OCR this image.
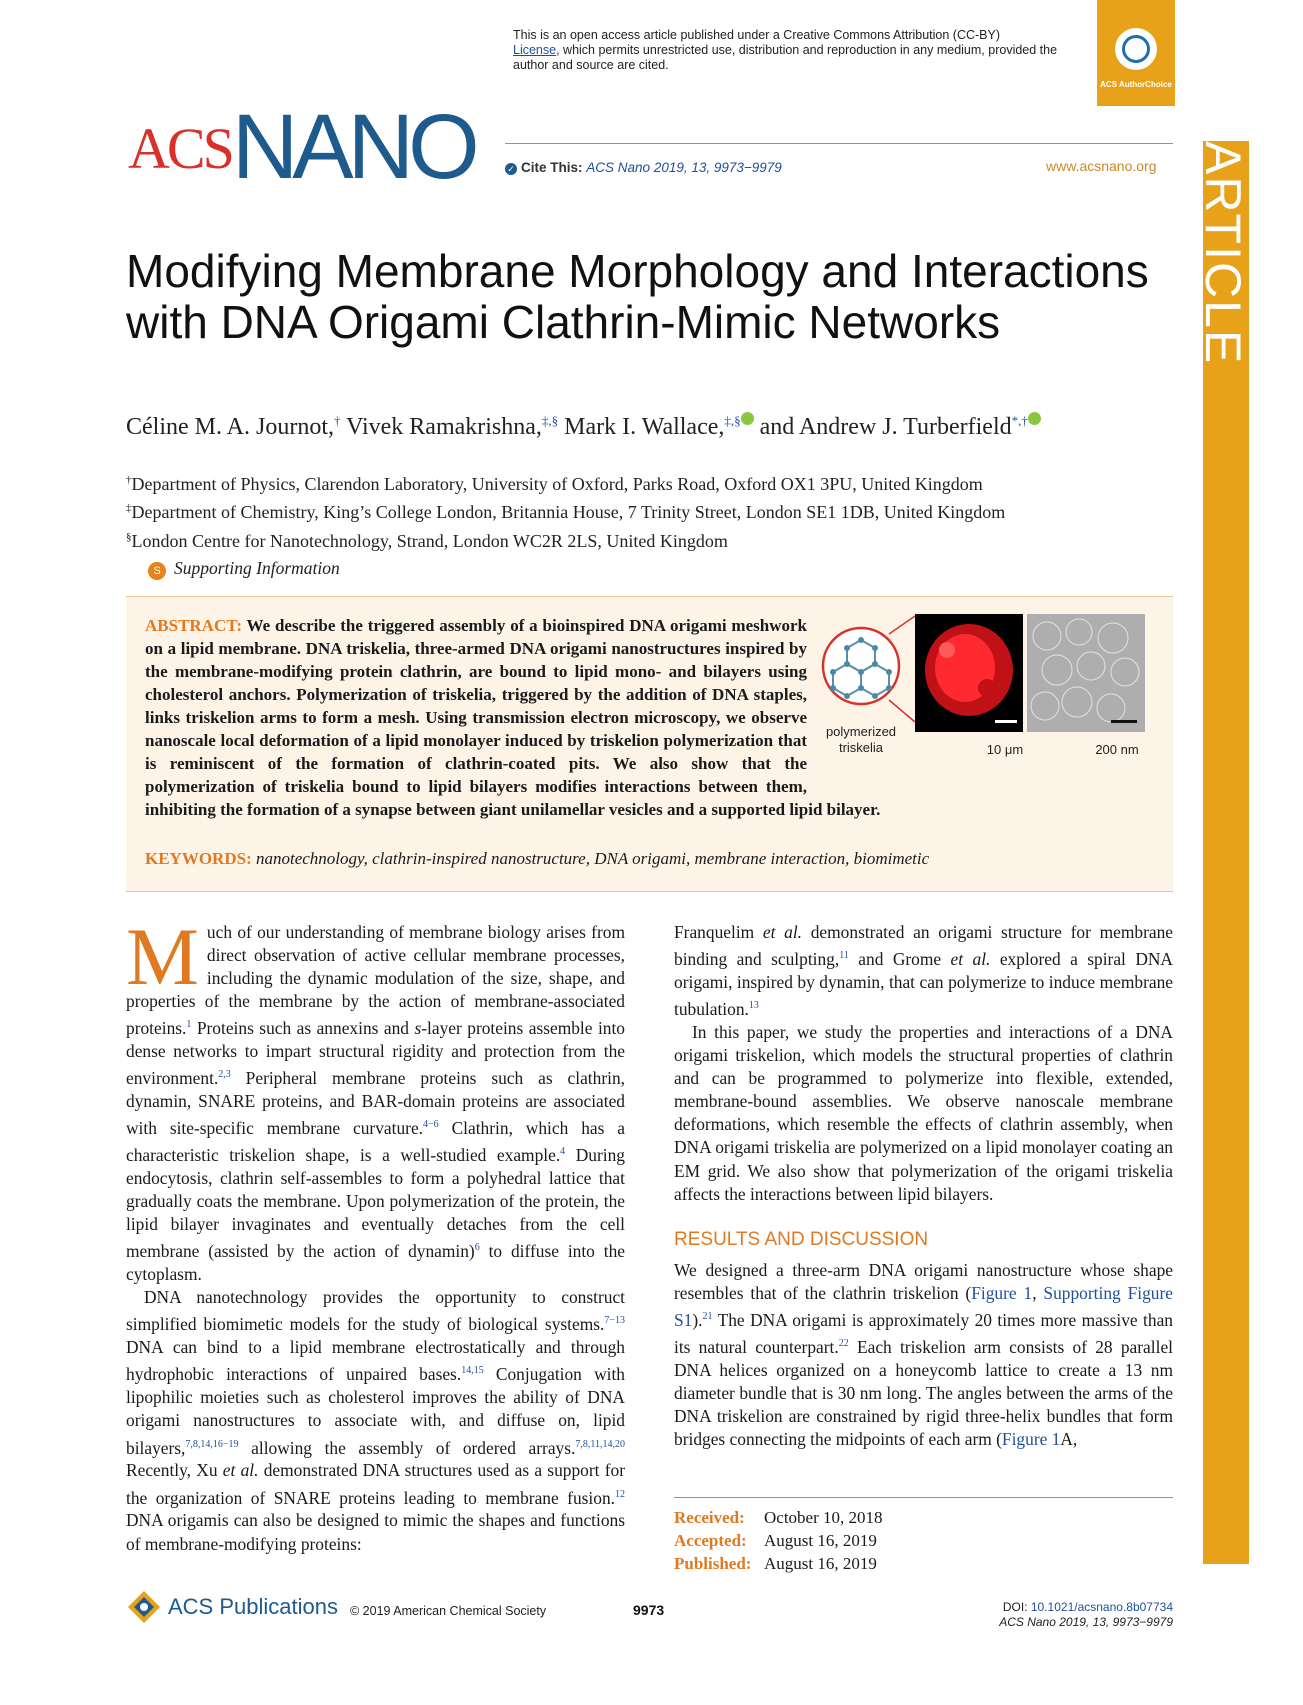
This is an open access article published under a Creative Commons Attribution (CC-BY)
License, which permits unrestricted use, distribution and reproduction in any medium, provided the author and source are cited.
ACS AuthorChoice
ACSNANO	✓ Cite This: ACS Nano 2019, 13, 9973−9979	www.acsnano.org ARTICLE
Modifying Membrane Morphology and Interactions with DNA Origami Clathrin-Mimic Networks
Céline M. A. Journot,† Vivek Ramakrishna,‡,§ Mark I. Wallace,‡,§ and Andrew J. Turberfield*,†
†Department of Physics, Clarendon Laboratory, University of Oxford, Parks Road, Oxford OX1 3PU, United Kingdom
‡Department of Chemistry, King’s College London, Britannia House, 7 Trinity Street, London SE1 1DB, United Kingdom
§London Centre for Nanotechnology, Strand, London WC2R 2LS, United Kingdom
S Supporting Information
polymerized
triskelia	10 μm	200 nm
ABSTRACT: We describe the triggered assembly of a bioinspired DNA origami meshwork on a lipid membrane. DNA triskelia, three-armed DNA origami nanostructures inspired by the membrane-modifying protein clathrin, are bound to lipid mono- and bilayers using cholesterol anchors. Polymerization of triskelia, triggered by the addition of DNA staples, links triskelion arms to form a mesh. Using transmission electron microscopy, we observe nanoscale local deformation of a lipid monolayer induced by triskelion polymerization that is reminiscent of the formation of clathrin-coated pits. We also show that the polymerization of triskelia bound to lipid bilayers modifies interactions between them, inhibiting the formation of a synapse between giant unilamellar vesicles and a supported lipid bilayer.
KEYWORDS: nanotechnology, clathrin-inspired nanostructure, DNA origami, membrane interaction, biomimetic

Much of our understanding of membrane biology arises from direct observation of active cellular membrane processes, including the dynamic modulation of the size, shape, and properties of the membrane by the action of membrane-associated proteins.$^1$ Proteins such as annexins and s-layer proteins assemble into dense networks to impart structural rigidity and protection from the environment.$^{2,3}$ Peripheral membrane proteins such as clathrin, dynamin, SNARE proteins, and BAR-domain proteins are associated with site-specific membrane curvature.$^{4-6}$ Clathrin, which has a characteristic triskelion shape, is a well-studied example.$^4$ During endocytosis, clathrin self-assembles to form a polyhedral lattice that gradually coats the membrane. Upon polymerization of the protein, the lipid bilayer invaginates and eventually detaches from the cell membrane (assisted by the action of dynamin)$^6$ to diffuse into the cytoplasm.

DNA nanotechnology provides the opportunity to construct simplified biomimetic models for the study of biological systems.$^{7-13}$ DNA can bind to a lipid membrane electrostatically and through hydrophobic interactions of unpaired bases.$^{14,15}$ Conjugation with lipophilic moieties such as cholesterol improves the ability of DNA origami nanostructures to associate with, and diffuse on, lipid bilayers,$^{7,8,14,16-19}$ allowing the assembly of ordered arrays.$^{7,8,11,14,20}$ Recently, Xu et al. demonstrated DNA structures used as a support for the organization of SNARE proteins leading to membrane fusion.$^{12}$ DNA origamis can also be designed to mimic the shapes and functions of membrane-modifying proteins:

Franquelim et al. demonstrated an origami structure for membrane binding and sculpting,$^{11}$ and Grome et al. explored a spiral DNA origami, inspired by dynamin, that can polymerize to induce membrane tubulation.$^{13}$

In this paper, we study the properties and interactions of a DNA origami triskelion, which models the structural properties of clathrin and can be programmed to polymerize into flexible, extended, membrane-bound assemblies. We observe nanoscale membrane deformations, which resemble the effects of clathrin assembly, when DNA origami triskelia are polymerized on a lipid monolayer coating an EM grid. We also show that polymerization of the origami triskelia affects the interactions between lipid bilayers.

RESULTS AND DISCUSSION

We designed a three-arm DNA origami nanostructure whose shape resembles that of the clathrin triskelion (Figure 1, Supporting Figure S1).$^{21}$ The DNA origami is approximately 20 times more massive than its natural counterpart.$^{22}$ Each triskelion arm consists of 28 parallel DNA helices organized on a honeycomb lattice to create a 13 nm diameter bundle that is 30 nm long. The angles between the arms of the DNA triskelion are constrained by rigid three-helix bundles that form bridges connecting the midpoints of each arm (Figure 1A,

Received: October 10, 2018
Accepted: August 16, 2019
Published: August 16, 2019
ACS Publications © 2019 American Chemical Society	9973	DOI: 10.1021/acsnano.8b07734
ACS Nano 2019, 13, 9973−9979
